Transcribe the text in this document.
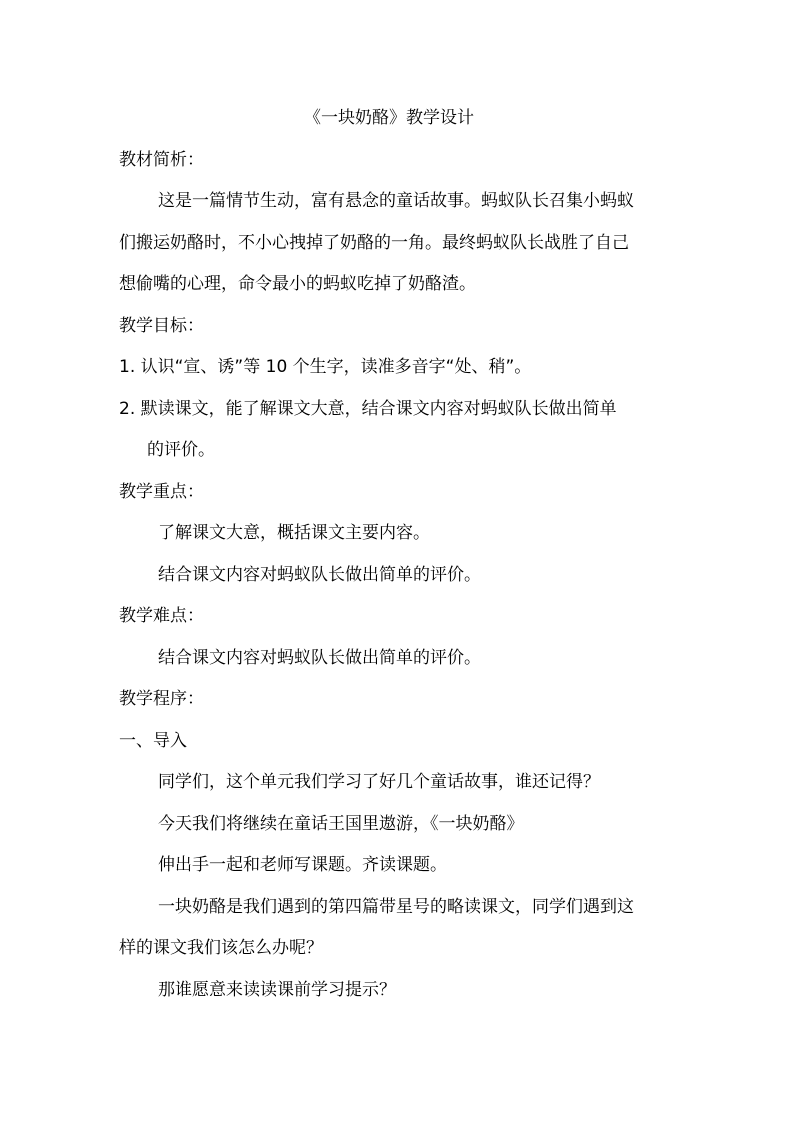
《一块奶酪》教学设计
教材简析：
这是一篇情节生动，富有悬念的童话故事。蚂蚁队长召集小蚂蚁
们搬运奶酪时，不小心拽掉了奶酪的一角。最终蚂蚁队长战胜了自己
想偷嘴的心理，命令最小的蚂蚁吃掉了奶酪渣。
教学目标：
1. 认识“宣、诱”等 10 个生字，读准多音字“处、稍”。
2. 默读课文，能了解课文大意，结合课文内容对蚂蚁队长做出简单
的评价。
教学重点：
了解课文大意，概括课文主要内容。
结合课文内容对蚂蚁队长做出简单的评价。
教学难点：
结合课文内容对蚂蚁队长做出简单的评价。
教学程序：
一、导入
同学们，这个单元我们学习了好几个童话故事，谁还记得？
今天我们将继续在童话王国里遨游，《一块奶酪》
伸出手一起和老师写课题。齐读课题。
一块奶酪是我们遇到的第四篇带星号的略读课文，同学们遇到这
样的课文我们该怎么办呢？
那谁愿意来读读课前学习提示？
